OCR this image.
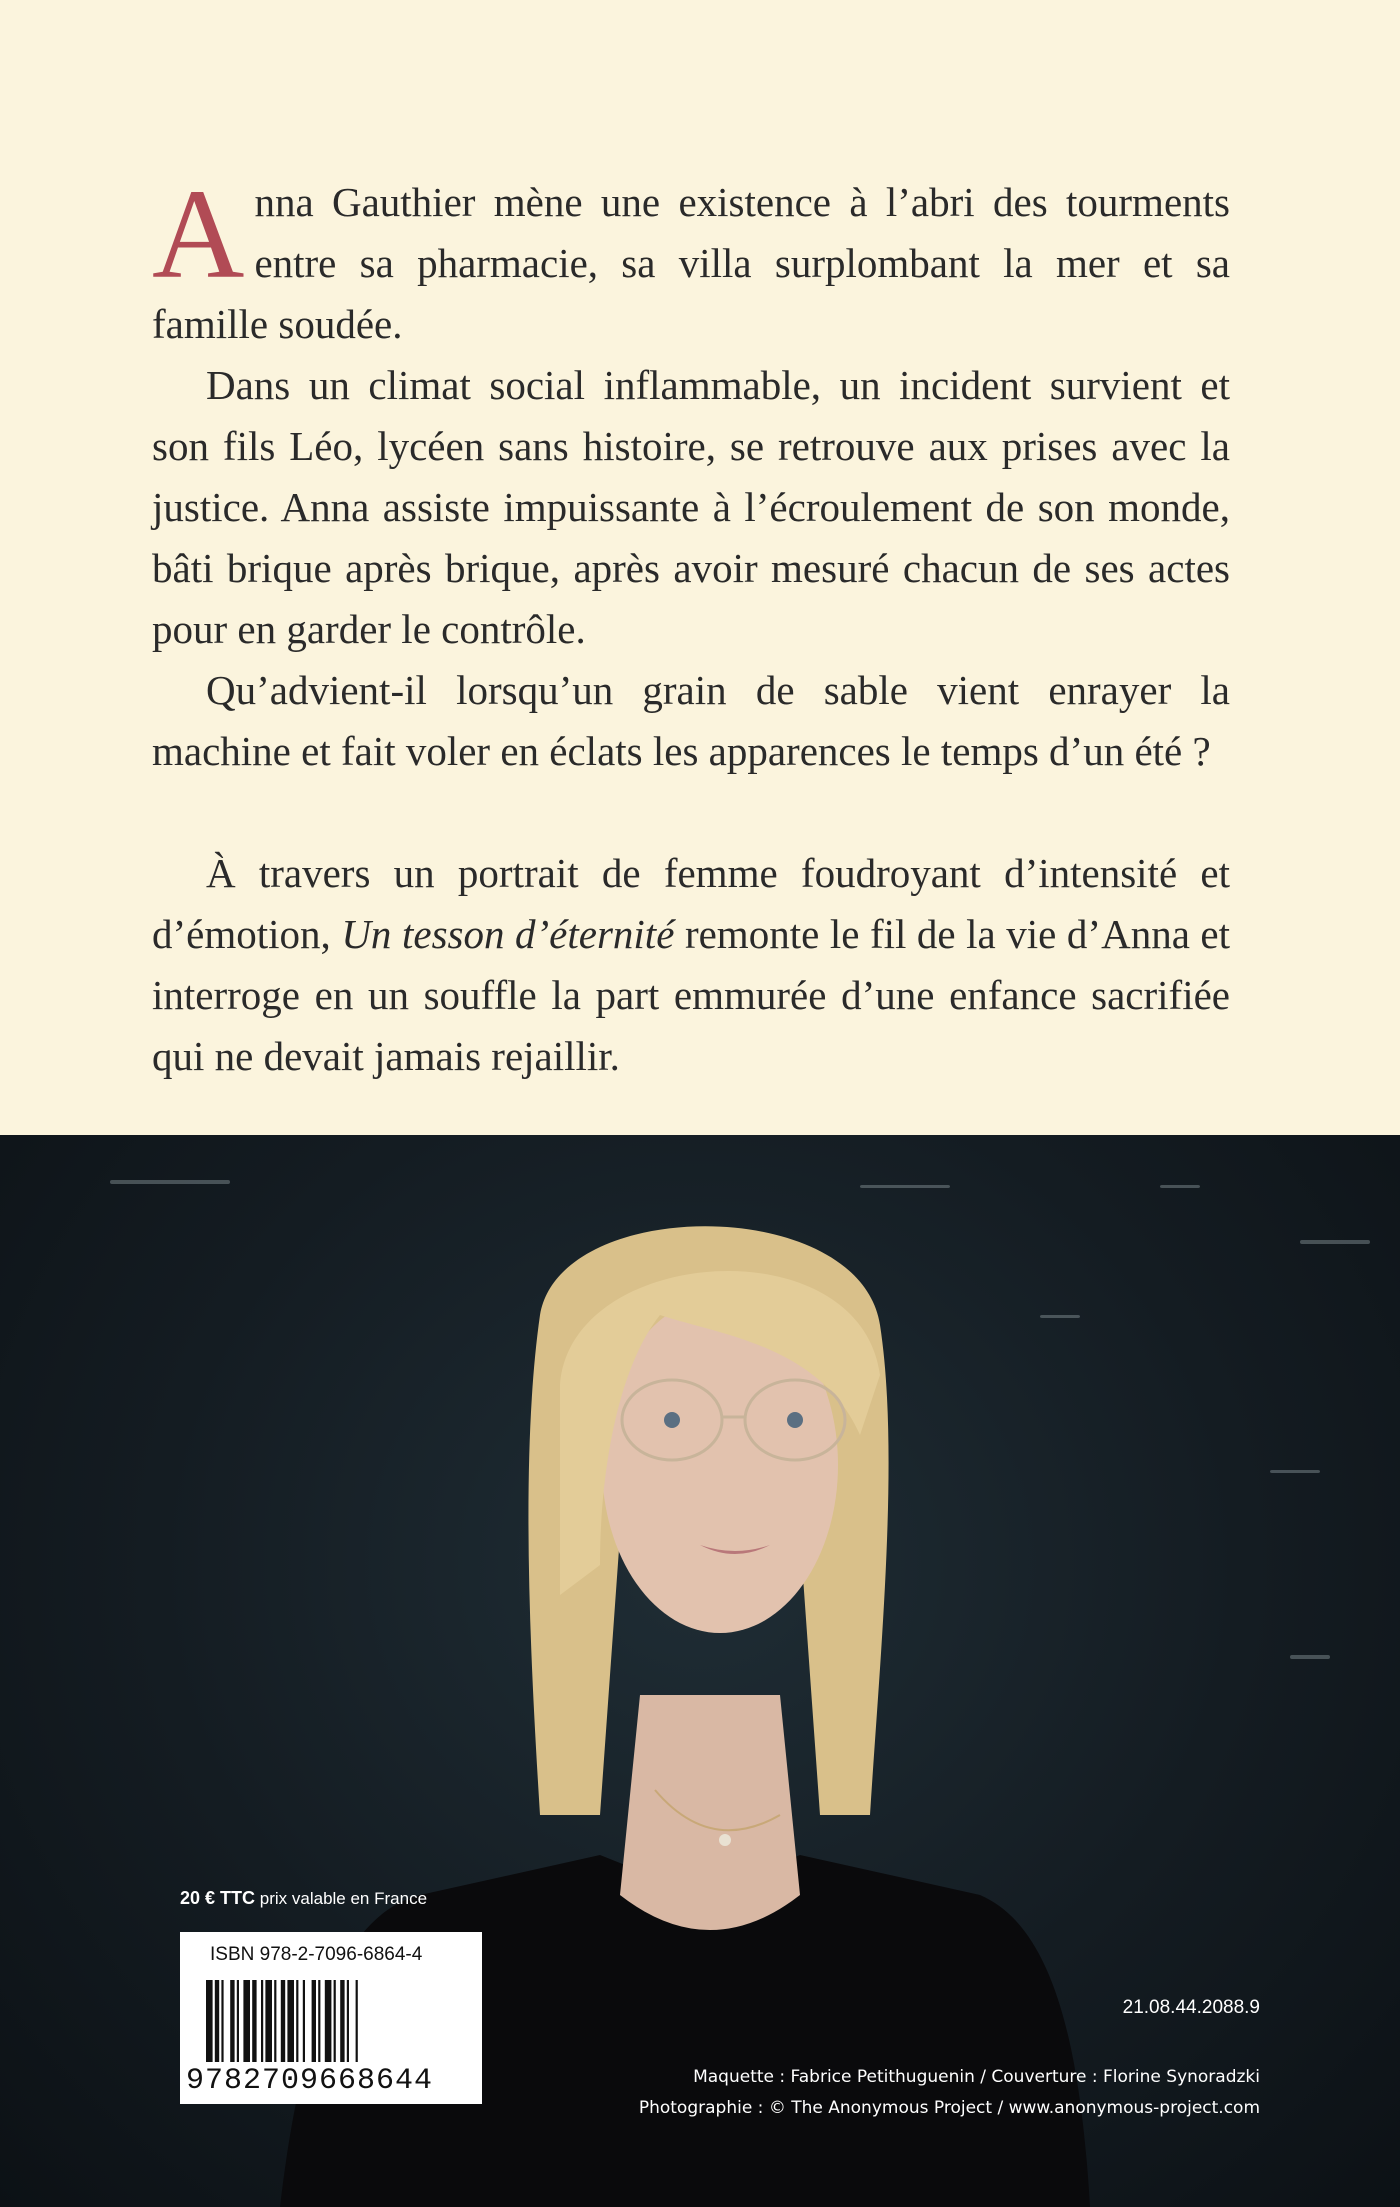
Anna Gauthier mène une existence à l’abri des tourments entre sa pharmacie, sa villa surplombant la mer et sa famille soudée.

Dans un climat social inflammable, un incident survient et son fils Léo, lycéen sans histoire, se retrouve aux prises avec la justice. Anna assiste impuissante à l’écroulement de son monde, bâti brique après brique, après avoir mesuré chacun de ses actes pour en garder le contrôle.

Qu’advient-il lorsqu’un grain de sable vient enrayer la machine et fait voler en éclats les apparences le temps d’un été ?

À travers un portrait de femme foudroyant d’intensité et d’émotion, Un tesson d’éternité remonte le fil de la vie d’Anna et interroge en un souffle la part emmurée d’une enfance sacrifiée qui ne devait jamais rejaillir.

20 € TTC prix valable en France
ISBN 978-2-7096-6864-4
9782709668644
21.08.44.2088.9
Maquette : Fabrice Petithuguenin / Couverture : Florine Synoradzki
Photographie : © The Anonymous Project / www.anonymous-project.com
